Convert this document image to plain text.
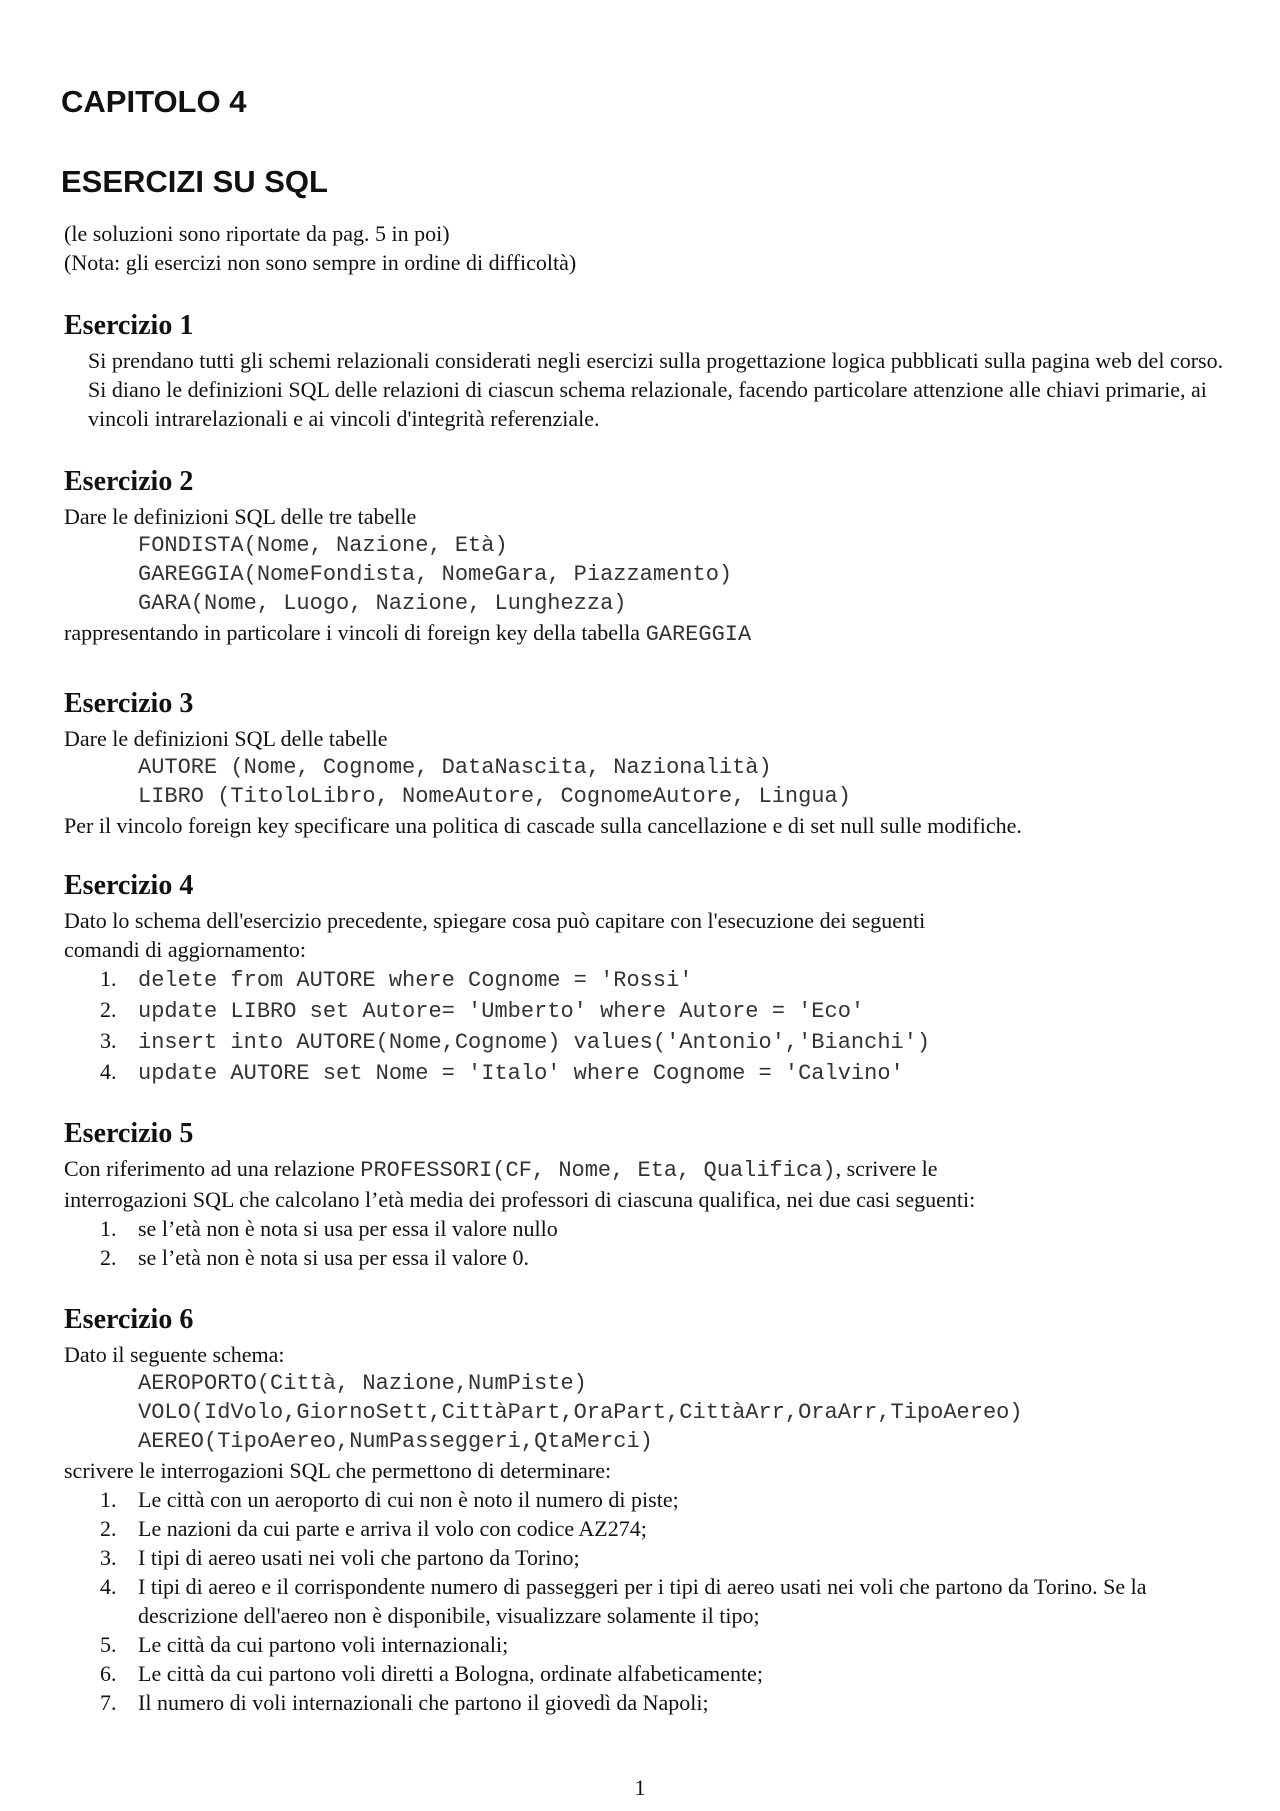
CAPITOLO 4
ESERCIZI SU SQL
(le soluzioni sono riportate da pag. 5 in poi)
(Nota: gli esercizi non sono sempre in ordine di difficoltà)
Esercizio 1
Si prendano tutti gli schemi relazionali considerati negli esercizi sulla progettazione logica pubblicati sulla pagina web del corso. Si diano le definizioni SQL delle relazioni di ciascun schema relazionale, facendo particolare attenzione alle chiavi primarie, ai vincoli intrarelazionali e ai vincoli d'integrità referenziale.
Esercizio 2
Dare le definizioni SQL delle tre tabelle
FONDISTA(Nome, Nazione, Età)
GAREGGIA(NomeFondista, NomeGara, Piazzamento)
GARA(Nome, Luogo, Nazione, Lunghezza)
rappresentando in particolare i vincoli di foreign key della tabella GAREGGIA
Esercizio 3
Dare le definizioni SQL delle tabelle
AUTORE (Nome, Cognome, DataNascita, Nazionalità)
LIBRO (TitoloLibro, NomeAutore, CognomeAutore, Lingua)
Per il vincolo foreign key specificare una politica di cascade sulla cancellazione e di set null sulle modifiche.
Esercizio 4
Dato lo schema dell'esercizio precedente, spiegare cosa può capitare con l'esecuzione dei seguenti
comandi di aggiornamento:
1. delete from AUTORE where Cognome = 'Rossi'
2. update LIBRO set Autore= 'Umberto' where Autore = 'Eco'
3. insert into AUTORE(Nome,Cognome) values('Antonio','Bianchi')
4. update AUTORE set Nome = 'Italo' where Cognome = 'Calvino'
Esercizio 5
Con riferimento ad una relazione PROFESSORI(CF, Nome, Eta, Qualifica), scrivere le
interrogazioni SQL che calcolano l’età media dei professori di ciascuna qualifica, nei due casi seguenti:
1. se l’età non è nota si usa per essa il valore nullo
2. se l’età non è nota si usa per essa il valore 0.
Esercizio 6
Dato il seguente schema:
AEROPORTO(Città, Nazione,NumPiste)
VOLO(IdVolo,GiornoSett,CittàPart,OraPart,CittàArr,OraArr,TipoAereo)
AEREO(TipoAereo,NumPasseggeri,QtaMerci)
scrivere le interrogazioni SQL che permettono di determinare:
1. Le città con un aeroporto di cui non è noto il numero di piste;
2. Le nazioni da cui parte e arriva il volo con codice AZ274;
3. I tipi di aereo usati nei voli che partono da Torino;
4. I tipi di aereo e il corrispondente numero di passeggeri per i tipi di aereo usati nei voli che partono da Torino. Se la descrizione dell'aereo non è disponibile, visualizzare solamente il tipo;
5. Le città da cui partono voli internazionali;
6. Le città da cui partono voli diretti a Bologna, ordinate alfabeticamente;
7. Il numero di voli internazionali che partono il giovedì da Napoli;
1
